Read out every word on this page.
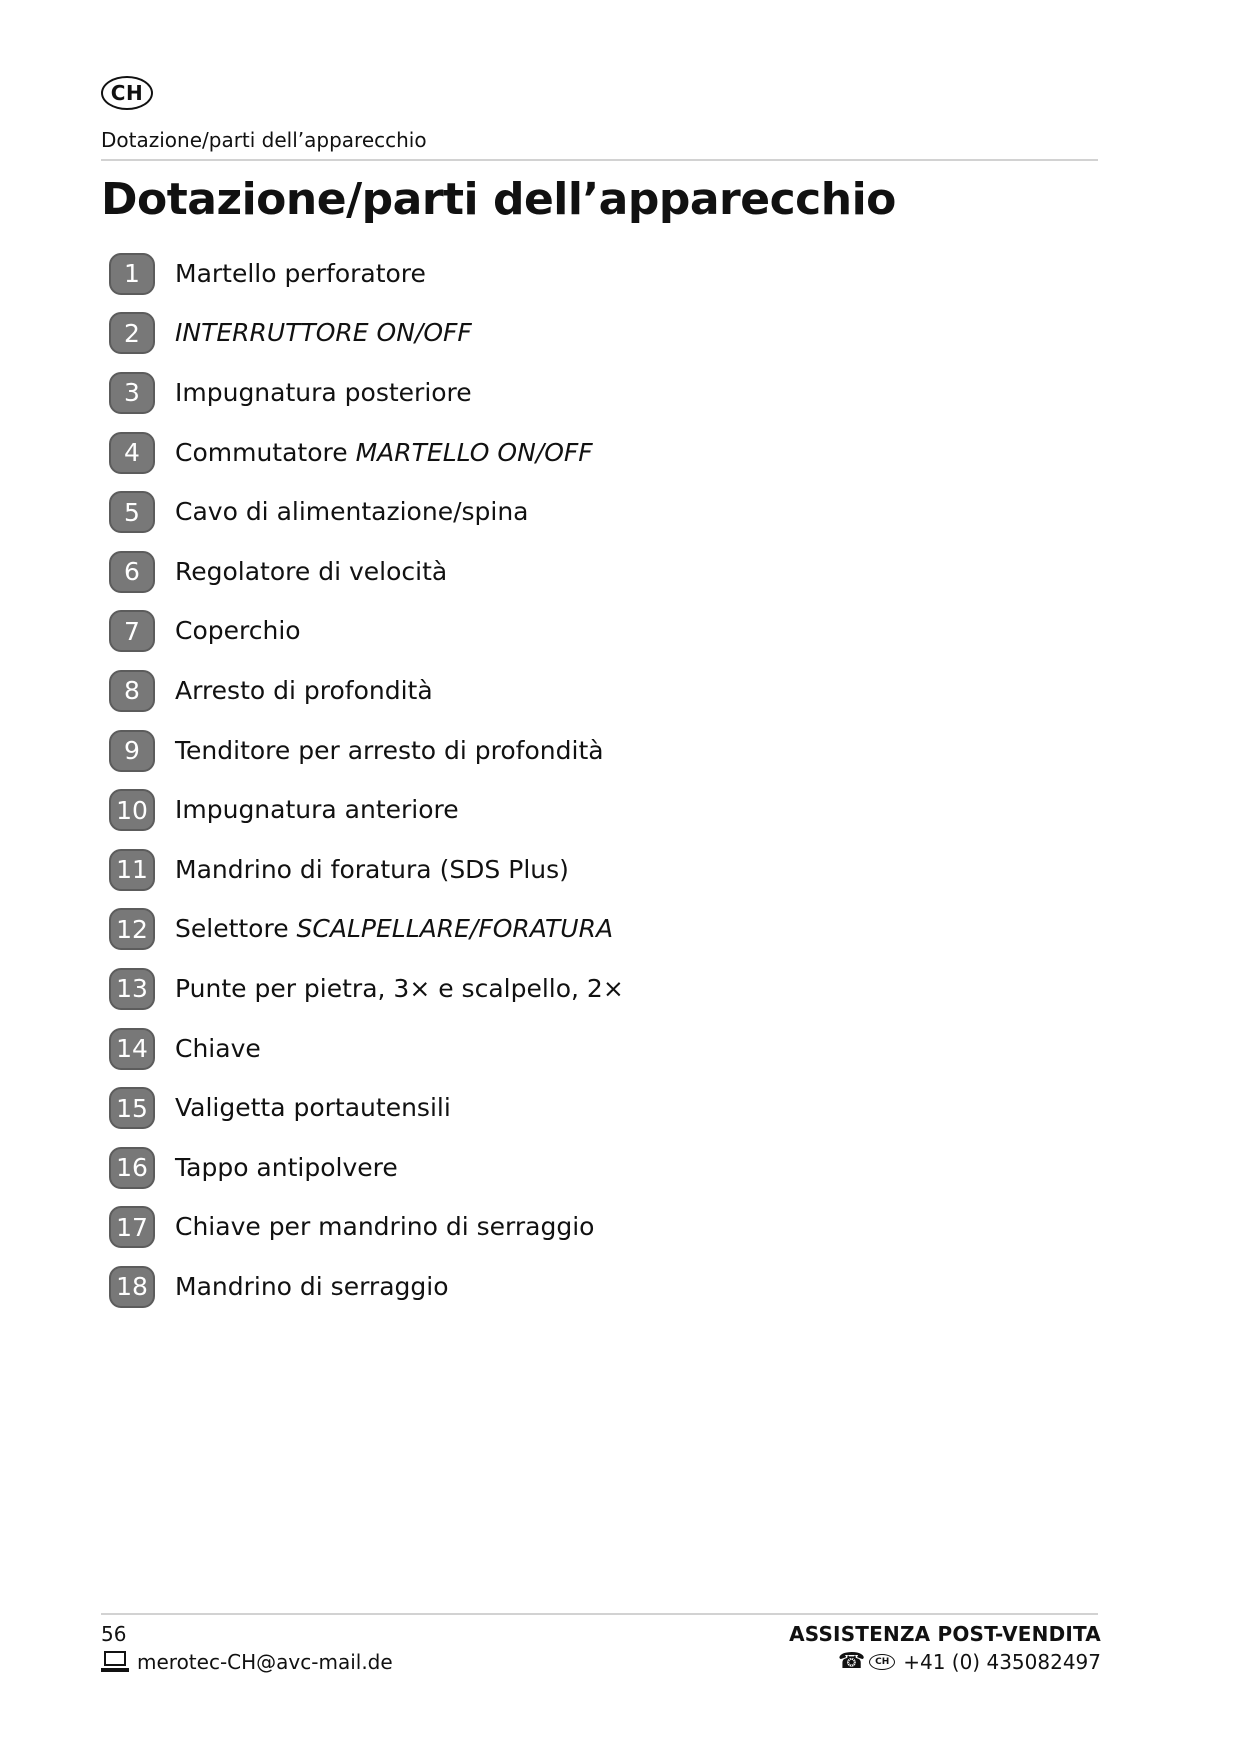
CH
Dotazione/parti dell’apparecchio
Dotazione/parti dell’apparecchio
1	Martello perforatore
2	INTERRUTTORE ON/OFF
3	Impugnatura posteriore
4	Commutatore MARTELLO ON/OFF
5	Cavo di alimentazione/spina
6	Regolatore di velocità
7	Coperchio
8	Arresto di profondità
9	Tenditore per arresto di profondità
10 Impugnatura anteriore
11 Mandrino di foratura (SDS Plus)
12 Selettore SCALPELLARE/FORATURA
13 Punte per pietra, 3× e scalpello, 2×
14 Chiave
15 Valigetta portautensili
16 Tappo antipolvere
17 Chiave per mandrino di serraggio
18 Mandrino di serraggio
56
merotec-CH@avc-mail.de
ASSISTENZA POST-VENDITA
☎	CH +41 (0) 435082497
